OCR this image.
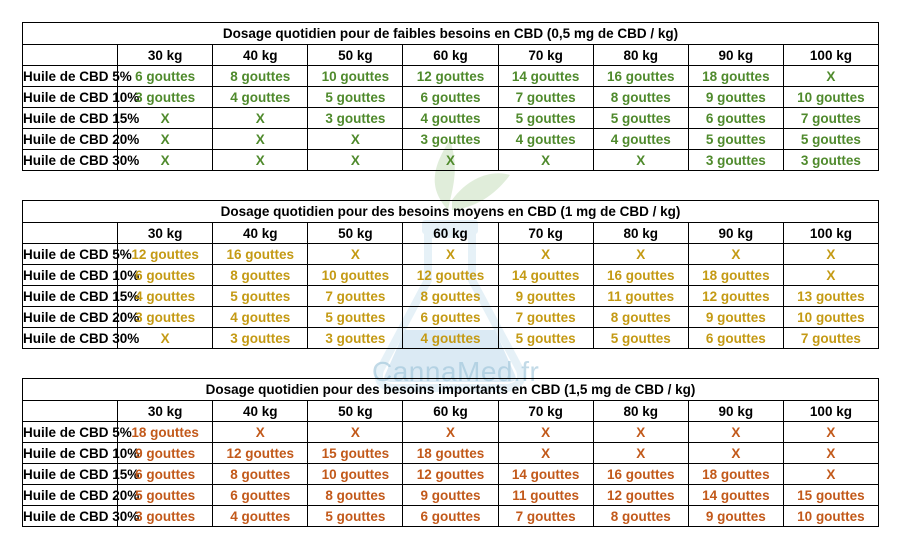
CannaMed.fr
Dosage quotidien pour de faibles besoins en CBD (0,5 mg de CBD / kg)								
	30 kg	40 kg	50 kg	60 kg	70 kg	80 kg	90 kg	100 kg
Huile de CBD 5%	6 gouttes	8 gouttes	10 gouttes	12 gouttes	14 gouttes	16 gouttes	18 gouttes	X
Huile de CBD 10%	3 gouttes	4 gouttes	5 gouttes	6 gouttes	7 gouttes	8 gouttes	9 gouttes	10 gouttes
Huile de CBD 15%	X	X	3 gouttes	4 gouttes	5 gouttes	5 gouttes	6 gouttes	7 gouttes
Huile de CBD 20%	X	X	X	3 gouttes	4 gouttes	4 gouttes	5 gouttes	5 gouttes
Huile de CBD 30%	X	X	X	X	X	X	3 gouttes	3 gouttes
Dosage quotidien pour des besoins moyens en CBD (1 mg de CBD / kg)								
	30 kg	40 kg	50 kg	60 kg	70 kg	80 kg	90 kg	100 kg
Huile de CBD 5%	12 gouttes	16 gouttes	X	X	X	X	X	X
Huile de CBD 10%	6 gouttes	8 gouttes	10 gouttes	12 gouttes	14 gouttes	16 gouttes	18 gouttes	X
Huile de CBD 15%	4 gouttes	5 gouttes	7 gouttes	8 gouttes	9 gouttes	11 gouttes	12 gouttes	13 gouttes
Huile de CBD 20%	3 gouttes	4 gouttes	5 gouttes	6 gouttes	7 gouttes	8 gouttes	9 gouttes	10 gouttes
Huile de CBD 30%	X	3 gouttes	3 gouttes	4 gouttes	5 gouttes	5 gouttes	6 gouttes	7 gouttes
Dosage quotidien pour des besoins importants en CBD (1,5 mg de CBD / kg)								
	30 kg	40 kg	50 kg	60 kg	70 kg	80 kg	90 kg	100 kg
Huile de CBD 5%	18 gouttes	X	X	X	X	X	X	X
Huile de CBD 10%	9 gouttes	12 gouttes	15 gouttes	18 gouttes	X	X	X	X
Huile de CBD 15%	6 gouttes	8 gouttes	10 gouttes	12 gouttes	14 gouttes	16 gouttes	18 gouttes	X
Huile de CBD 20%	5 gouttes	6 gouttes	8 gouttes	9 gouttes	11 gouttes	12 gouttes	14 gouttes	15 gouttes
Huile de CBD 30%	3 gouttes	4 gouttes	5 gouttes	6 gouttes	7 gouttes	8 gouttes	9 gouttes	10 gouttes
